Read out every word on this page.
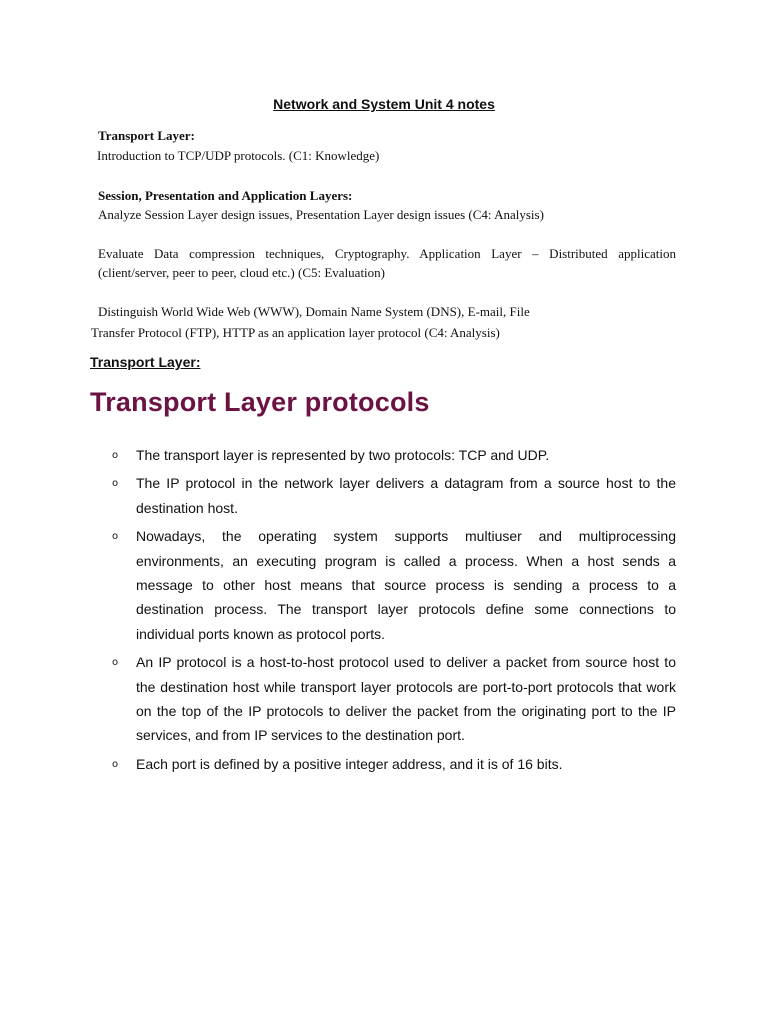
Network and System Unit 4 notes
Transport Layer:
Introduction to TCP/UDP protocols. (C1: Knowledge)
Session, Presentation and Application Layers:
Analyze Session Layer design issues, Presentation Layer design issues (C4: Analysis)
Evaluate Data compression techniques, Cryptography. Application Layer – Distributed application (client/server, peer to peer, cloud etc.) (C5: Evaluation)
Distinguish World Wide Web (WWW), Domain Name System (DNS), E-mail, File
Transfer Protocol (FTP), HTTP as an application layer protocol (C4: Analysis)
Transport Layer:
Transport Layer protocols
o The transport layer is represented by two protocols: TCP and UDP.
o The IP protocol in the network layer delivers a datagram from a source host to the destination host.
o Nowadays, the operating system supports multiuser and multiprocessing environments, an executing program is called a process. When a host sends a message to other host means that source process is sending a process to a destination process. The transport layer protocols define some connections to individual ports known as protocol ports.
o An IP protocol is a host-to-host protocol used to deliver a packet from source host to the destination host while transport layer protocols are port-to-port protocols that work on the top of the IP protocols to deliver the packet from the originating port to the IP services, and from IP services to the destination port.
o Each port is defined by a positive integer address, and it is of 16 bits.
